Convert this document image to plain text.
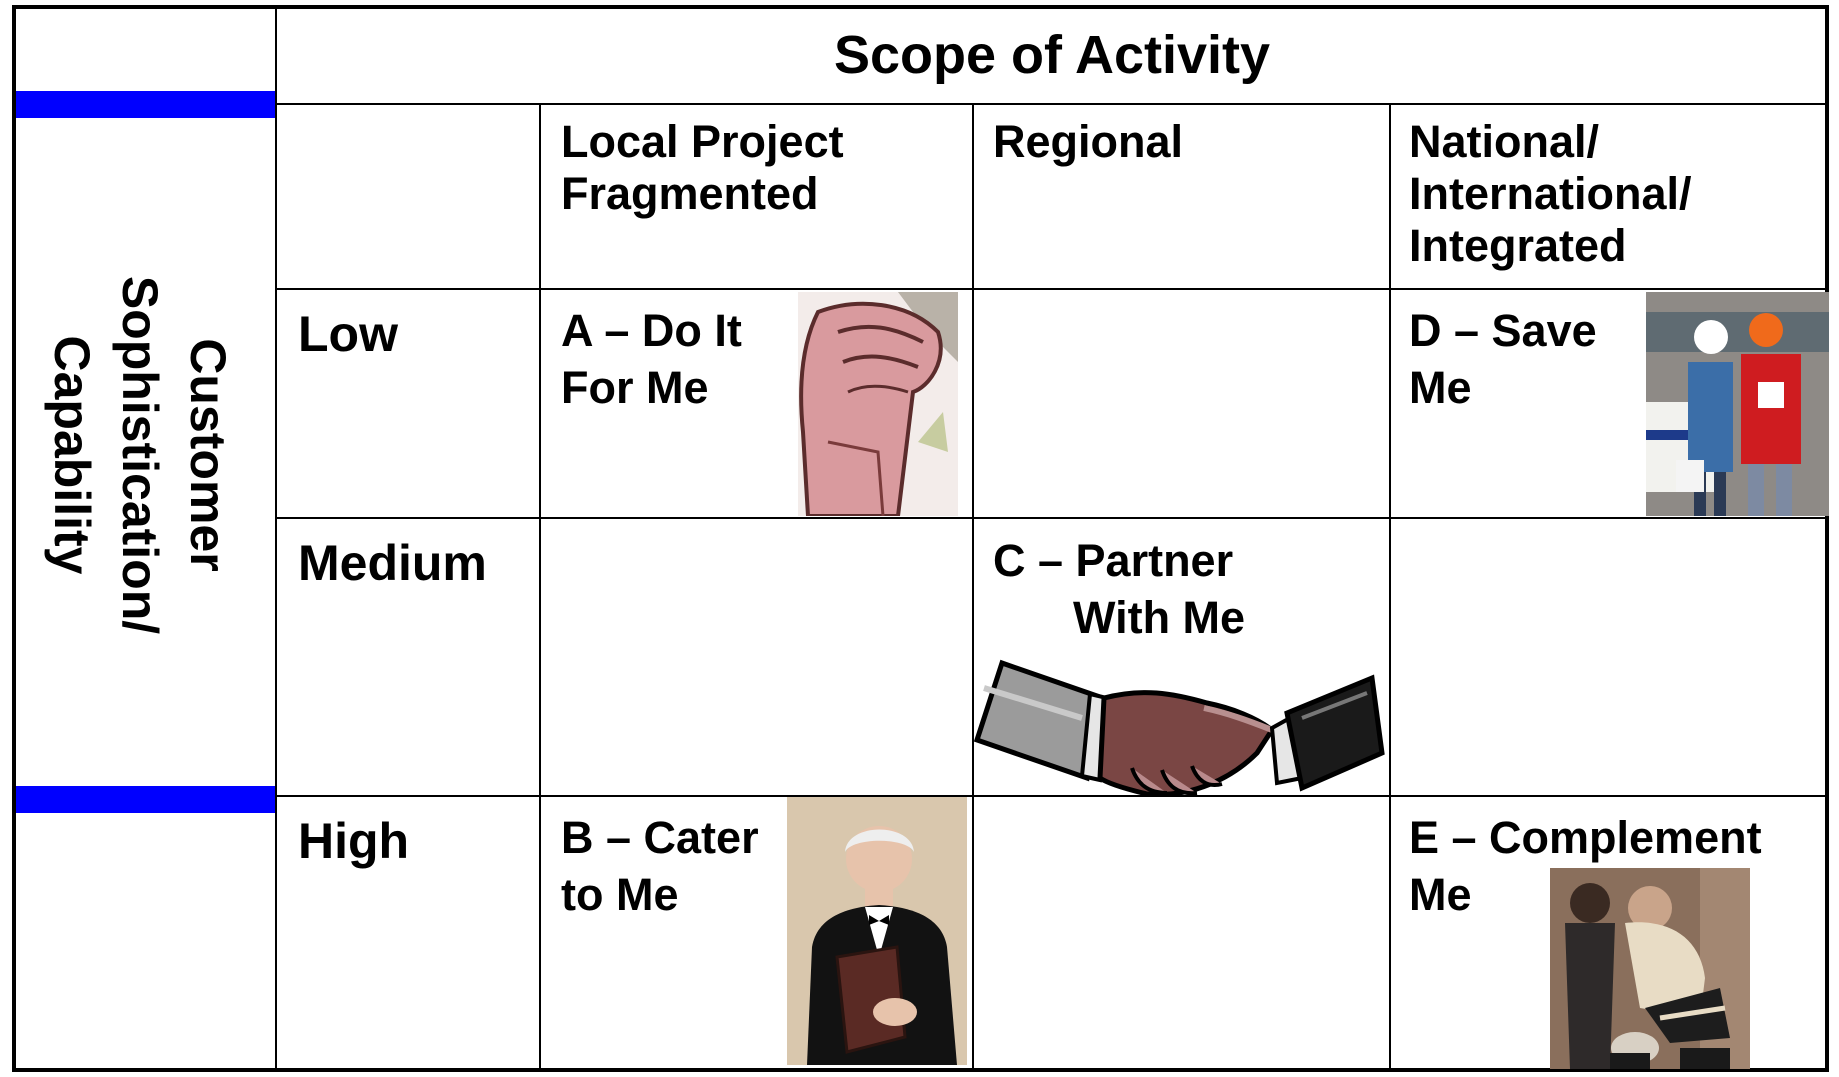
Scope of Activity
Customer Sophistication/ Capability
Local Project
Fragmented
Regional	National/
International/
Integrated
Low
Medium
High
A – Do It
For Me
D – Save
Me
C – Partner
With Me
B – Cater
to Me
E – Complement
Me
